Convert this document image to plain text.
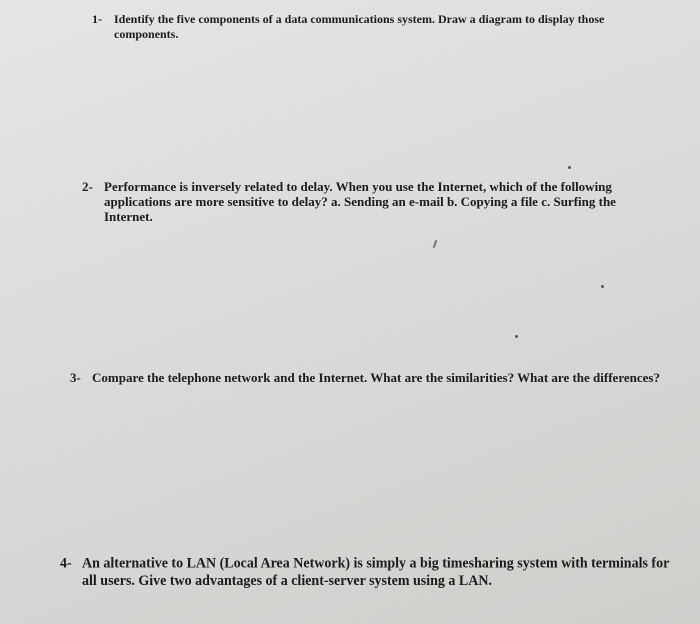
1- Identify the five components of a data communications system. Draw a diagram to display those components.

2- Performance is inversely related to delay. When you use the Internet, which of the following applications are more sensitive to delay? a. Sending an e-mail b. Copying a file c. Surfing the Internet.

3- Compare the telephone network and the Internet. What are the similarities? What are the differences?

4- An alternative to LAN (Local Area Network) is simply a big timesharing system with terminals for all users. Give two advantages of a client-server system using a LAN.
